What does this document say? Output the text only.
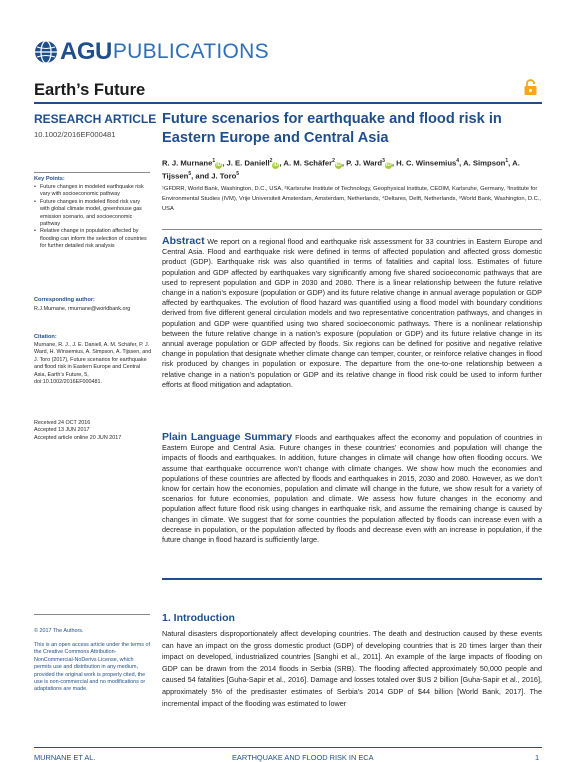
AGU PUBLICATIONS
Earth’s Future
RESEARCH ARTICLE
10.1002/2016EF000481
Key Points:
• Future changes in modeled earthquake risk vary with socioeconomic pathway
• Future changes in modeled flood risk vary with global climate model, greenhouse gas emission scenario, and socioeconomic pathway
• Relative change in population affected by flooding can inform the selection of countries for further detailed risk analysis
Corresponding author:
R.J.Murnane, rmurnane@worldbank.org
Citation:
Murnane, R. J., J. E. Daniell, A. M. Schäfer, P. J. Ward, H. Winsemius, A. Simpson, A. Tijssen, and J. Toro (2017), Future scenarios for earthquake and flood risk in Eastern Europe and Central Asia, Earth’s Future, 5, doi:10.1002/2016EF000481.
Received 24 OCT 2016
Accepted 13 JUN 2017
Accepted article online 20 JUN 2017
© 2017 The Authors.
This is an open access article under the terms of the Creative Commons Attribution-NonCommercial-NoDerivs License, which permits use and distribution in any medium, provided the original work is properly cited, the use is non-commercial and no modifications or adaptations are made.
Future scenarios for earthquake and flood risk in Eastern Europe and Central Asia
R. J. Murnane$^1$iD, J. E. Daniell$^2$iD, A. M. Schäfer$^2$iD, P. J. Ward$^3$iD, H. C. Winsemius$^4$, A. Simpson$^1$, A. Tijssen$^5$, and J. Toro$^5$
¹GFDRR, World Bank, Washington, D.C., USA, ²Karlsruhe Institute of Technology, Geophysical Institute, CEDIM, Karlsruhe, Germany, ³Institute for Environmental Studies (IVM), Vrije Universiteit Amsterdam, Amsterdam, Netherlands, ⁴Deltares, Delft, Netherlands, ⁵World Bank, Washington, D.C., USA
Abstract We report on a regional flood and earthquake risk assessment for 33 countries in Eastern Europe and Central Asia. Flood and earthquake risk were defined in terms of affected population and affected gross domestic product (GDP). Earthquake risk was also quantified in terms of fatalities and capital loss. Estimates of future population and GDP affected by earthquakes vary significantly among five shared socioeconomic pathways that are used to represent population and GDP in 2030 and 2080. There is a linear relationship between the future relative change in a nation’s exposure (population or GDP) and its future relative change in annual average population or GDP affected by earthquakes. The evolution of flood hazard was quantified using a flood model with boundary conditions derived from five different general circulation models and two representative concentration pathways, and changes in population and GDP were quantified using two shared socioeconomic pathways. There is a nonlinear relationship between the future relative change in a nation’s exposure (population or GDP) and its future relative change in its annual average population or GDP affected by floods. Six regions can be defined for positive and negative relative change in population that designate whether climate change can temper, counter, or reinforce relative changes in flood risk produced by changes in population or exposure. The departure from the one-to-one relationship between a relative change in a nation’s population or GDP and its relative change in flood risk could be used to inform further efforts at flood mitigation and adaptation.
Plain Language Summary Floods and earthquakes affect the economy and population of countries in Eastern Europe and Central Asia. Future changes in these countries’ economies and population will change the impacts of floods and earthquakes. In addition, future changes in climate will change how often flooding occurs. We assume that earthquake occurrence won’t change with climate changes. We show how much the economies and populations of these countries are affected by floods and earthquakes in 2015, 2030 and 2080. However, as we don’t know for certain how the economies, population and climate will change in the future, we show result for a variety of scenarios for future economies, population and climate. We assess how future changes in the economy and population affect future flood risk using changes in earthquake risk, and assume the remaining change is caused by changes in climate. We suggest that for some countries the population affected by floods can increase even with a decrease in population, or the population affected by floods and decrease even with an increase in population, if the future change in flood hazard is sufficiently large.
1. Introduction
Natural disasters disproportionately affect developing countries. The death and destruction caused by these events can have an impact on the gross domestic product (GDP) of developing countries that is 20 times larger than their impact on developed, industrialized countries [Sanghi et al., 2011]. An example of the large impacts of flooding on GDP can be drawn from the 2014 floods in Serbia (SRB). The flooding affected approximately 50,000 people and caused 54 fatalities [Guha-Sapir et al., 2016]. Damage and losses totaled over $US 2 billion [Guha-Sapir et al., 2016], approximately 5% of the predisaster estimates of Serbia’s 2014 GDP of $44 billion [World Bank, 2017]. The incremental impact of the flooding was estimated to lower
MURNANE ET AL.	EARTHQUAKE AND FLOOD RISK IN ECA	1
